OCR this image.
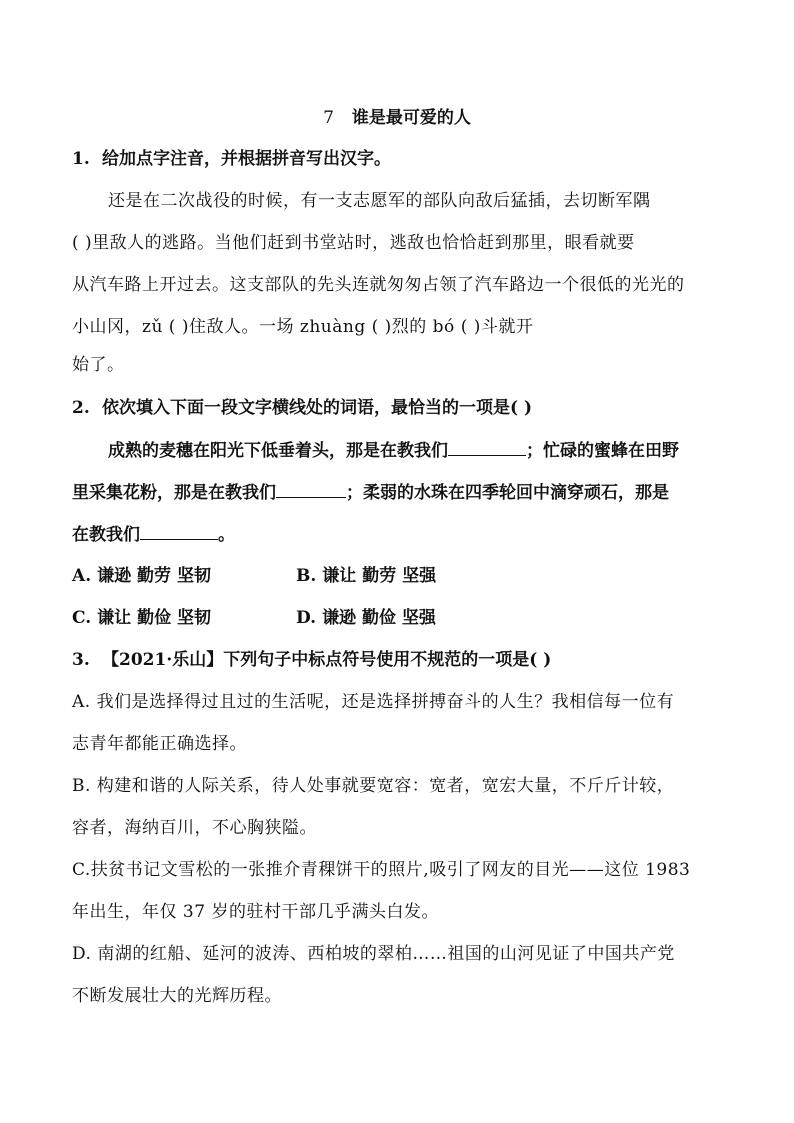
7 谁是最可爱的人
1. 给加点字注音，并根据拼音写出汉字。
还是在二次战役的时候，有一支志愿军的部队向敌后猛插，去切断军隅
( )里敌人的逃路。当他们赶到书堂站时，逃敌也恰恰赶到那里，眼看就要
从汽车路上开过去。这支部队的先头连就匆匆占领了汽车路边一个很低的光光的
小山冈，zǔ ( )住敌人。一场 zhuàng ( )烈的 bó ( )斗就开
始了。
2. 依次填入下面一段文字横线处的词语，最恰当的一项是( )
成熟的麦穗在阳光下低垂着头，那是在教我们	；忙碌的蜜蜂在田野
里采集花粉，那是在教我们	；柔弱的水珠在四季轮回中滴穿顽石，那是
在教我们	。
A. 谦逊 勤劳 坚韧	B. 谦让 勤劳 坚强
C. 谦让 勤俭 坚韧	D. 谦逊 勤俭 坚强
3. 【2021·乐山】下列句子中标点符号使用不规范的一项是( )
A. 我们是选择得过且过的生活呢，还是选择拼搏奋斗的人生？我相信每一位有
志青年都能正确选择。
B. 构建和谐的人际关系，待人处事就要宽容：宽者，宽宏大量，不斤斤计较，
容者，海纳百川，不心胸狭隘。
C.扶贫书记文雪松的一张推介青稞饼干的照片,吸引了网友的目光——这位 1983
年出生，年仅 37 岁的驻村干部几乎满头白发。
D. 南湖的红船、延河的波涛、西柏坡的翠柏……祖国的山河见证了中国共产党
不断发展壮大的光辉历程。
